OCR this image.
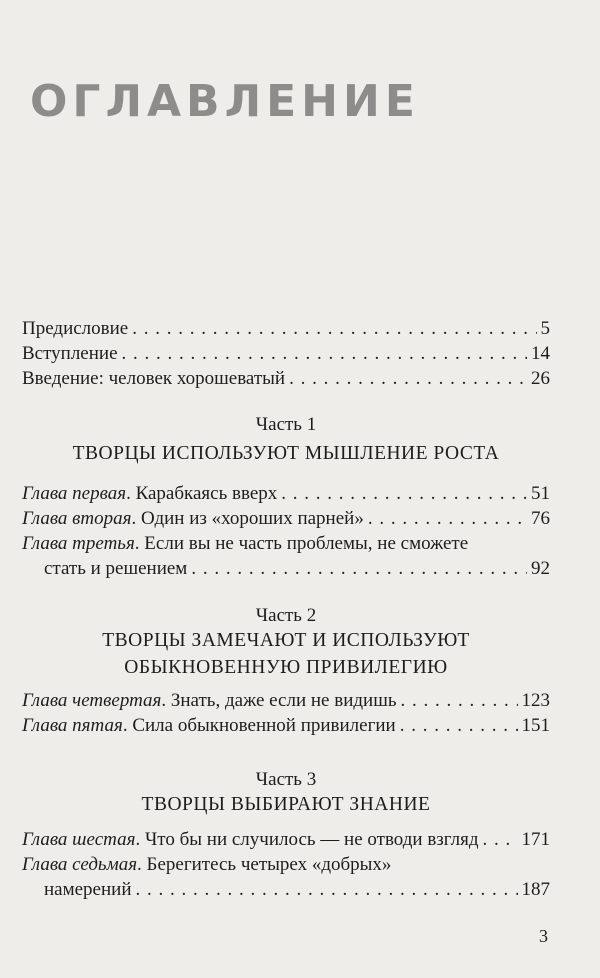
ОГЛАВЛЕНИЕ
Предисловие . . .	5
Вступление . . .	14
Введение: человек хорошеватый . . .	26
Часть 1
ТВОРЦЫ ИСПОЛЬЗУЮТ МЫШЛЕНИЕ РОСТА
Глава первая. Карабкаясь вверх . . .	51
Глава вторая. Один из «хороших парней» . . .	76
Глава третья. Если вы не часть проблемы, не сможете
стать и решением . . .	92
Часть 2
ТВОРЦЫ ЗАМЕЧАЮТ И ИСПОЛЬЗУЮТ
ОБЫКНОВЕННУЮ ПРИВИЛЕГИЮ
Глава четвертая. Знать, даже если не видишь . . .	123
Глава пятая. Сила обыкновенной привилегии . . .	151
Часть 3
ТВОРЦЫ ВЫБИРАЮТ ЗНАНИЕ
Глава шестая. Что бы ни случилось — не отводи взгляд . . . 171
Глава седьмая. Берегитесь четырех «добрых»
намерений . . .	187
3
